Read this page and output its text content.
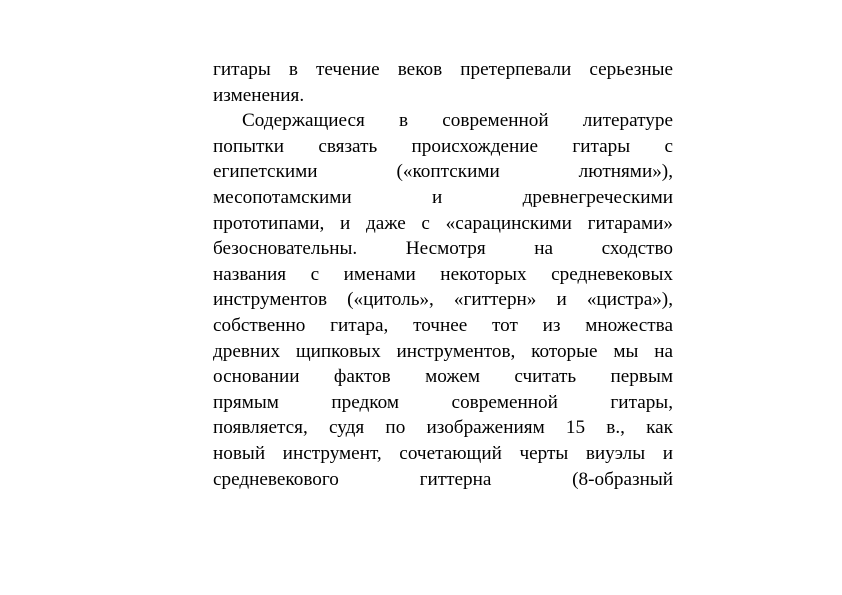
гитары в течение веков претерпевали серьезные
изменения.
Содержащиеся в современной литературе
попытки связать происхождение гитары с
египетскими («коптскими лютнями»),
месопотамскими и древнегреческими
прототипами, и даже с «сарацинскими гитарами»
безосновательны. Несмотря на сходство
названия с именами некоторых средневековых
инструментов («цитоль», «гиттерн» и «цистра»),
собственно гитара, точнее тот из множества
древних щипковых инструментов, которые мы на
основании фактов можем считать первым
прямым предком современной гитары,
появляется, судя по изображениям 15 в., как
новый инструмент, сочетающий черты виуэлы и
средневекового гиттерна (8-образный
